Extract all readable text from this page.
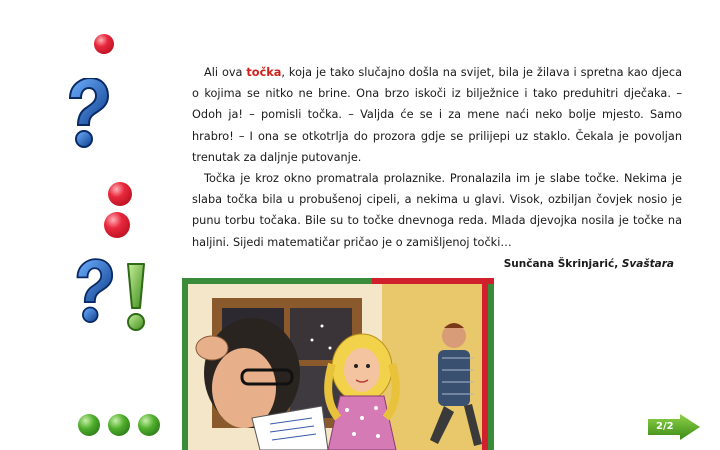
Ali ova točka, koja je tako slučajno došla na svijet, bila je žilava i spretna kao djeca o kojima se nitko ne brine. Ona brzo iskoči iz bilježnice i tako preduhitri dječaka. – Odoh ja! – pomisli točka. – Valjda će se i za mene naći neko bolje mjesto. Samo hrabro! – I ona se otkotrlja do prozora gdje se prilijepi uz staklo. Čekala je povoljan trenutak za daljnje putovanje.

Točka je kroz okno promatrala prolaznike. Pronalazila im je slabe točke. Nekima je slaba točka bila u probušenoj cipeli, a nekima u glavi. Visok, ozbiljan čovjek nosio je punu torbu točaka. Bile su to točke dnevnoga reda. Mlada djevojka nosila je točke na haljini. Sijedi matematičar pričao je o zamišljenoj točki…

Sunčana Škrinjarić, Svaštara
2/2
